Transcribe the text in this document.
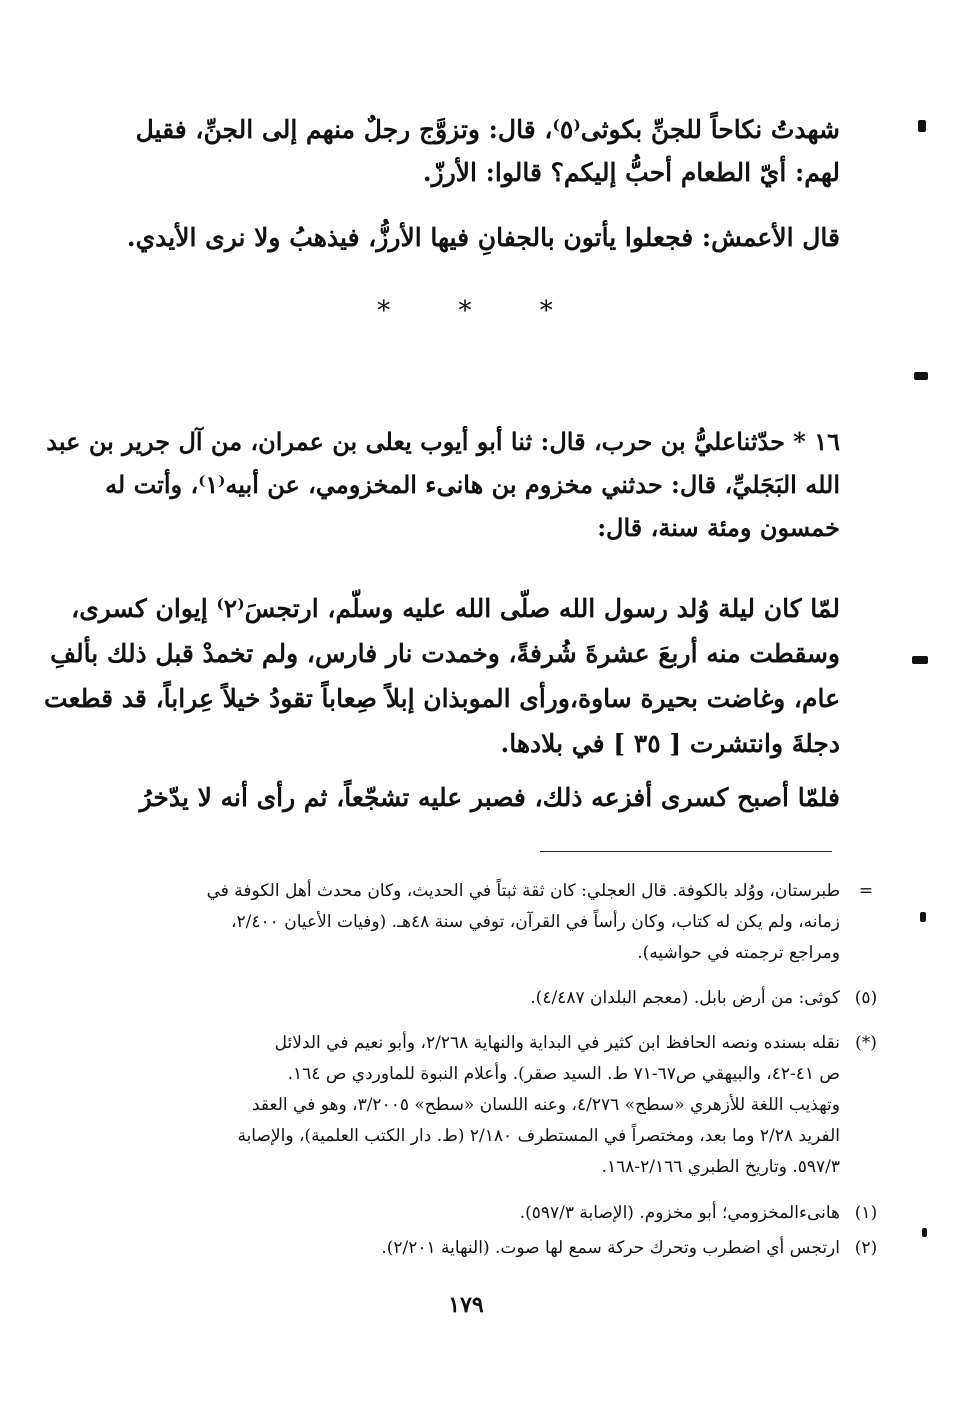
شهدتُ نكاحاً للجنِّ بكوثى⁽٥⁾، قال: وتزوَّج رجلٌ منهم إلى الجنِّ، فقيل
لهم: أيّ الطعام أحبُّ إليكم؟ قالوا: الأرزّ.
قال الأعمش: فجعلوا يأتون بالجفانِ فيها الأرزُّ، فيذهبُ ولا نرى الأيدي.
* * *
١٦ * حدّثناعليُّ بن حرب، قال: ثنا أبو أيوب يعلى بن عمران، من آل جرير بن عبد
الله البَجَليِّ، قال: حدثني مخزوم بن هانىء المخزومي، عن أبيه⁽١⁾، وأتت له
خمسون ومئة سنة، قال:
لمّا كان ليلة وُلد رسول الله صلّى الله عليه وسلّم، ارتجسَ⁽٢⁾ إيوان كسرى،
وسقطت منه أربعَ عشرةَ شُرفةً، وخمدت نار فارس، ولم تخمدْ قبل ذلك بألفِ
عام، وغاضت بحيرة ساوة،ورأى الموبذان إبلاً صِعاباً تقودُ خيلاً عِراباً، قد قطعت
دجلةَ وانتشرت [ ٣٥ ] في بلادها.
فلمّا أصبح كسرى أفزعه ذلك، فصبر عليه تشجّعاً، ثم رأى أنه لا يدّخرُ
=
طبرستان، ووُلد بالكوفة. قال العجلي: كان ثقة ثبتاً في الحديث، وكان محدث أهل الكوفة في
زمانه، ولم يكن له كتاب، وكان رأساً في القرآن، توفي سنة ٤٨هـ. (وفيات الأعيان ٢/٤٠٠،
ومراجع ترجمته في حواشيه).
(٥)
كوثى: من أرض بابل. (معجم البلدان ٤/٤٨٧).
(*)
نقله بسنده ونصه الحافظ ابن كثير في البداية والنهاية ٢/٢٦٨، وأبو نعيم في الدلائل
ص ٤١-٤٢، والبيهقي ص٦٧-٧١ ط. السيد صقر). وأعلام النبوة للماوردي ص ١٦٤.
وتهذيب اللغة للأزهري «سطح» ٤/٢٧٦، وعنه اللسان «سطح» ٣/٢٠٠٥، وهو في العقد
الفريد ٢/٢٨ وما بعد، ومختصراً في المستطرف ٢/١٨٠ (ط. دار الكتب العلمية)، والإصابة
٥٩٧/٣. وتاريخ الطبري ٢/١٦٦-١٦٨.
(١)
هانىءالمخزومي؛ أبو مخزوم. (الإصابة ٥٩٧/٣).
(٢)
ارتجس أي اضطرب وتحرك حركة سمع لها صوت. (النهاية ٢/٢٠١).
١٧٩
